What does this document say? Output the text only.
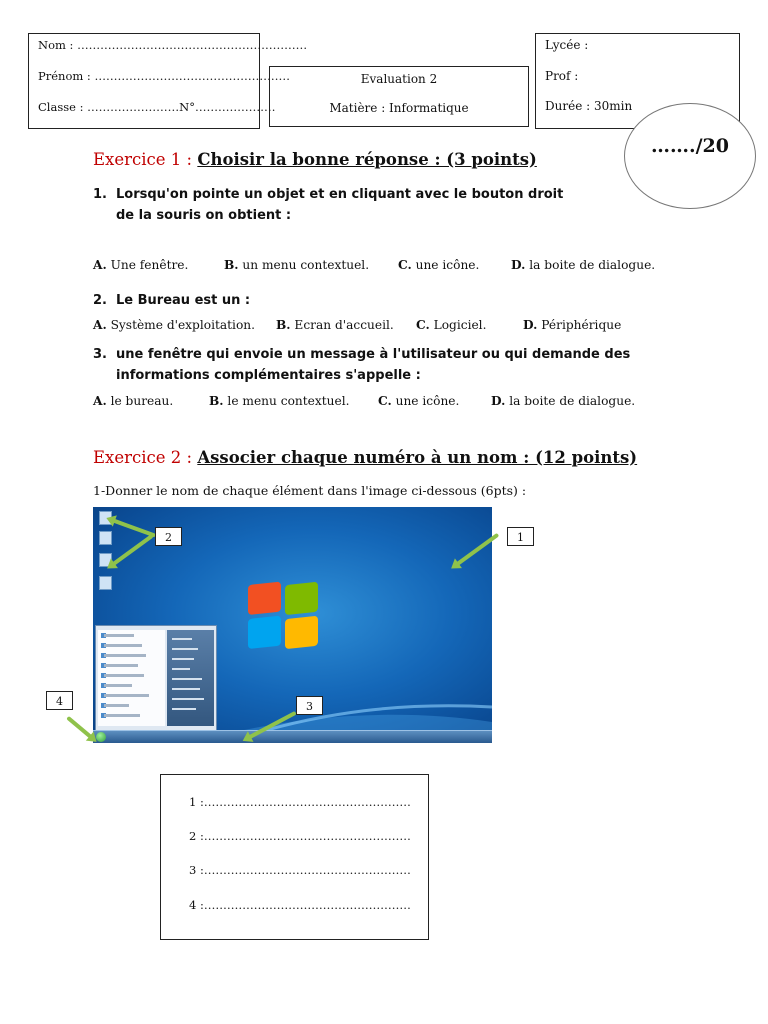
Nom : ……………………………………………………
Prénom : ……………………………………………
Classe : ……………………N°…………………
Evaluation 2
Matière : Informatique
Lycée :
Prof :
Durée : 30min
……./20
Exercice 1 : Choisir la bonne réponse : (3 points)
1. Lorsqu'on pointe un objet et en cliquant avec le bouton droit
de la souris on obtient :
A. Une fenêtre.	B. un menu contextuel. C. une icône.	D. la boite de dialogue.
2. Le Bureau est un :
A. Système d'exploitation. B. Ecran d'accueil. C. Logiciel.	D. Périphérique
3. une fenêtre qui envoie un message à l'utilisateur ou qui demande des
informations complémentaires s'appelle :
A. le bureau.	B. le menu contextuel. C. une icône.	D. la boite de dialogue.
Exercice 2 : Associer chaque numéro à un nom : (12 points)
1-Donner le nom de chaque élément dans l'image ci-dessous (6pts) :
1
2
3
4
1 :………………………………………………
2 :………………………………………………
3 :………………………………………………
4 :………………………………………………
